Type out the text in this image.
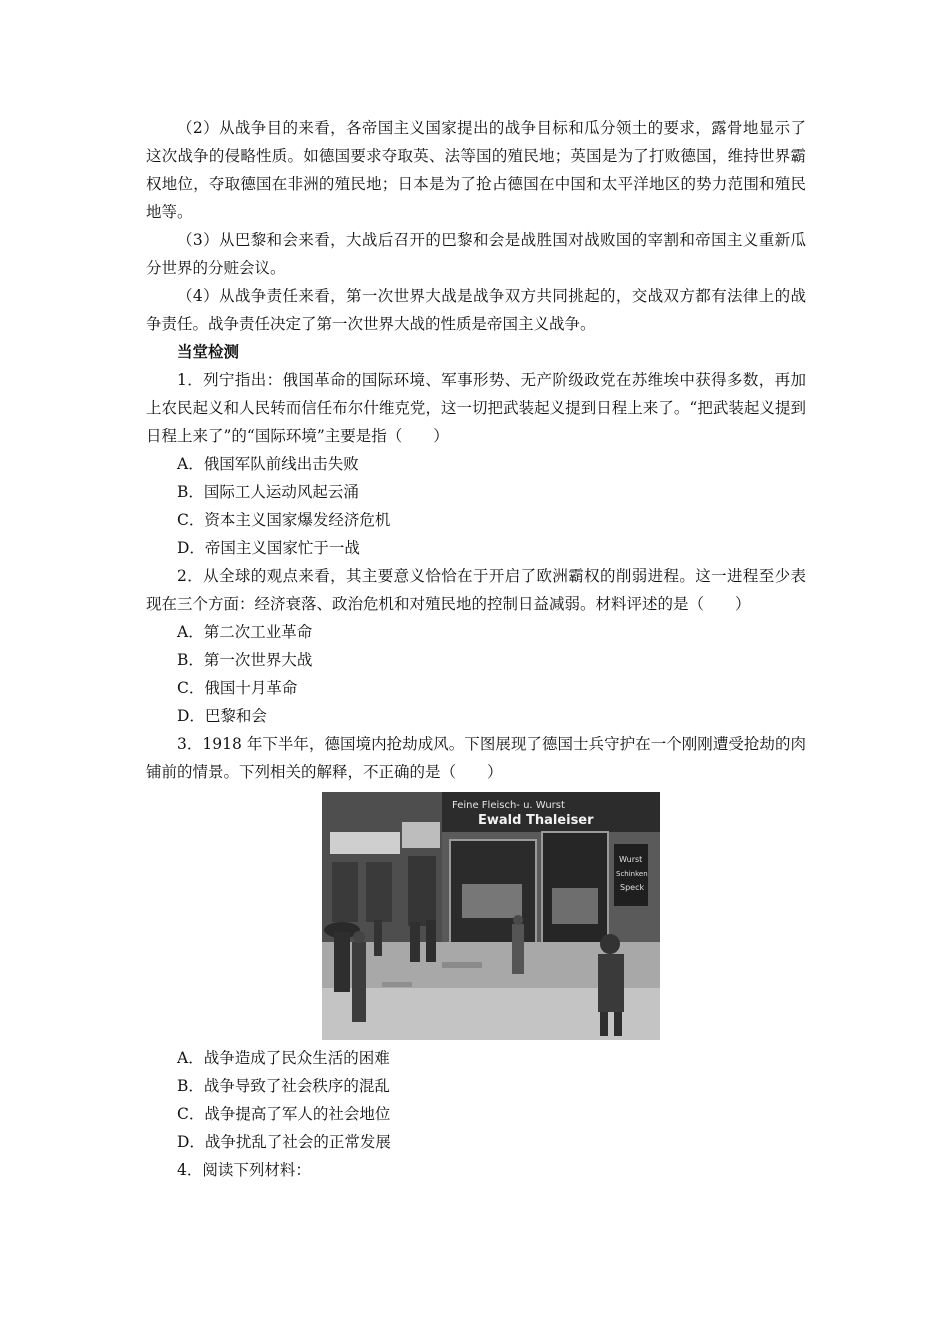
（2）从战争目的来看，各帝国主义国家提出的战争目标和瓜分领土的要求，露骨地显示了这次战争的侵略性质。如德国要求夺取英、法等国的殖民地；英国是为了打败德国，维持世界霸权地位，夺取德国在非洲的殖民地；日本是为了抢占德国在中国和太平洋地区的势力范围和殖民地等。

（3）从巴黎和会来看，大战后召开的巴黎和会是战胜国对战败国的宰割和帝国主义重新瓜分世界的分赃会议。

（4）从战争责任来看，第一次世界大战是战争双方共同挑起的，交战双方都有法律上的战争责任。战争责任决定了第一次世界大战的性质是帝国主义战争。

当堂检测

1．列宁指出：俄国革命的国际环境、军事形势、无产阶级政党在苏维埃中获得多数，再加上农民起义和人民转而信任布尔什维克党，这一切把武装起义提到日程上来了。“把武装起义提到日程上来了”的“国际环境”主要是指（　　）

A．俄国军队前线出击失败

B．国际工人运动风起云涌

C．资本主义国家爆发经济危机

D．帝国主义国家忙于一战

2．从全球的观点来看，其主要意义恰恰在于开启了欧洲霸权的削弱进程。这一进程至少表现在三个方面：经济衰落、政治危机和对殖民地的控制日益减弱。材料评述的是（　　）

A．第二次工业革命

B．第一次世界大战

C．俄国十月革命

D．巴黎和会

3．1918 年下半年，德国境内抢劫成风。下图展现了德国士兵守护在一个刚刚遭受抢劫的肉铺前的情景。下列相关的解释，不正确的是（　　）

Feine Fleisch- u. Wurst
Ewald Thaleiser
Wurst
Schinken
Speck

A．战争造成了民众生活的困难

B．战争导致了社会秩序的混乱

C．战争提高了军人的社会地位

D．战争扰乱了社会的正常发展

4．阅读下列材料：
